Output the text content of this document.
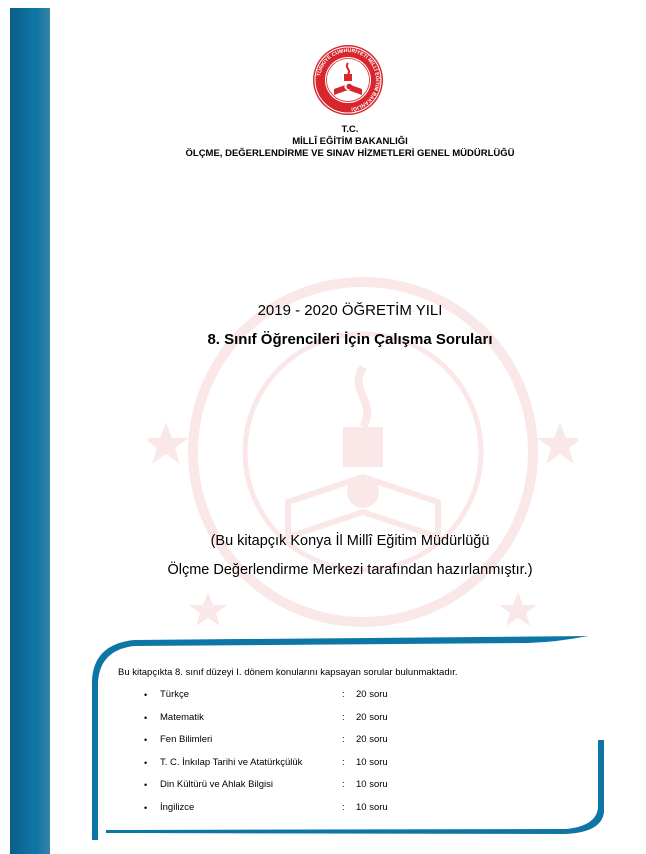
TÜRKİYE CUMHURİYETİ MİLLÎ EĞİTİM BAKANLIĞI
T.C.
MİLLÎ EĞİTİM BAKANLIĞI
ÖLÇME, DEĞERLENDİRME VE SINAV HİZMETLERİ GENEL MÜDÜRLÜĞÜ
2019 - 2020 ÖĞRETİM YILI
8. Sınıf Öğrencileri İçin Çalışma Soruları
(Bu kitapçık Konya İl Millî Eğitim Müdürlüğü
Ölçme Değerlendirme Merkezi tarafından hazırlanmıştır.)
Bu kitapçıkta 8. sınıf düzeyi I. dönem konularını kapsayan sorular bulunmaktadır.
• Türkçe	: 20 soru
• Matematik	: 20 soru
• Fen Bilimleri	: 20 soru
• T. C. İnkılap Tarihi ve Atatürkçülük	: 10 soru
• Din Kültürü ve Ahlak Bilgisi	: 10 soru
• İngilizce	: 10 soru
